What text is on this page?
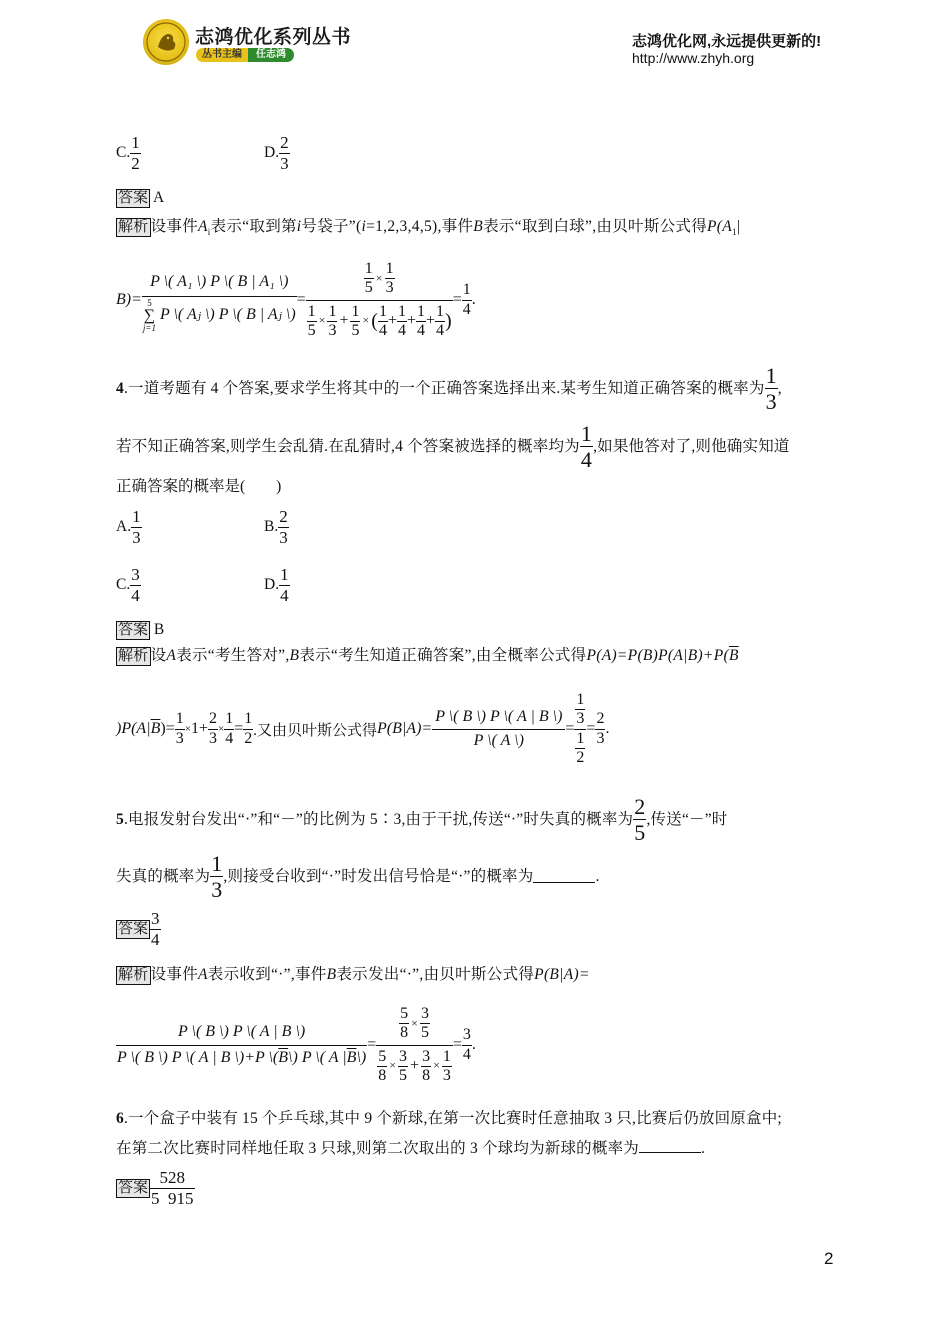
志鸿优化系列丛书
丛书主编	任志鸿
志鸿优化网,永远提供更新的!
http://www.zhyh.org
C. $\frac{1}{2}$	D. $\frac{2}{3}$
答案 A
解析 设事件$A_i$表示“取到第i号袋子”(i=1,2,3,4,5),事件B表示“取到白球”,由贝叶斯公式得$P(A_1|$
B)=
P \( A₁ \) P \( B | A₁ \)
5
∑
j=1
P \( Aⱼ \) P \( B | Aⱼ \)
=
$\frac{1}{5} \times \frac{1}{3}$
$\frac{1}{5} \times \frac{1}{3} + \frac{1}{5}$ × ( $\frac{1}{4} + \frac{1}{4} + \frac{1}{4} + \frac{1}{4}$ )
= $\frac{1}{4}$ .
4 .一道考题有 4 个答案,要求学生将其中的一个正确答案选择出来.某考生知道正确答案的概率为 $\frac{1}{3}$ ,
若不知正确答案,则学生会乱猜.在乱猜时,4 个答案被选择的概率均为 $\frac{1}{4}$ ,如果他答对了,则他确实知道
正确答案的概率是(　　)
A. $\frac{1}{3}$	B. $\frac{2}{3}$
C. $\frac{3}{4}$	D. $\frac{1}{4}$
答案 B
解析 设A表示“考生答对”,B表示“考生知道正确答案”,由全概率公式得$P(A)=P(B)P(A|B)+P(\overline{B}$
)P(A| $\overline{B}$ )= $\frac{1}{3} \times 1+ \frac{2}{3} \times \frac{1}{4} = \frac{1}{2}$ .又由贝叶斯公式得 $P(B|A)= \frac{P \backslash( B \backslash) P \backslash( A | B \backslash)}{P \backslash( A \backslash)} = \frac{\frac{1}{3}}{\frac{1}{2}} = \frac{2}{3}$ .
5 .电报发射台发出“·”和“－”的比例为 5∶3,由于干扰,传送“·”时失真的概率为 $\frac{2}{5}$ ,传送“－”时
失真的概率为 $\frac{1}{3}$ ,则接受台收到“·”时发出信号恰是“·”的概率为	.
答案 $\frac{3}{4}$
解析 设事件A表示收到“·”,事件B表示发出“·”,由贝叶斯公式得P(B|A)=
$\frac{P \backslash( B \backslash) P \backslash( A | B \backslash)}{P \backslash( B \backslash) P \backslash( A | B \backslash)+P \backslash(\overline{B}\backslash) P \backslash( A |\overline{B}\backslash)} = \frac{\frac{5}{8} \times \frac{3}{5}}{\frac{5}{8} \times \frac{3}{5} + \frac{3}{8} \times \frac{1}{3}} = \frac{3}{4}$ .
6.一个盒子中装有 15 个乒乓球,其中 9 个新球,在第一次比赛时任意抽取 3 只,比赛后仍放回原盒中;
在第二次比赛时同样地任取 3 只球,则第二次取出的 3 个球均为新球的概率为	.
答案 $\frac{528}{5 915}$
2
